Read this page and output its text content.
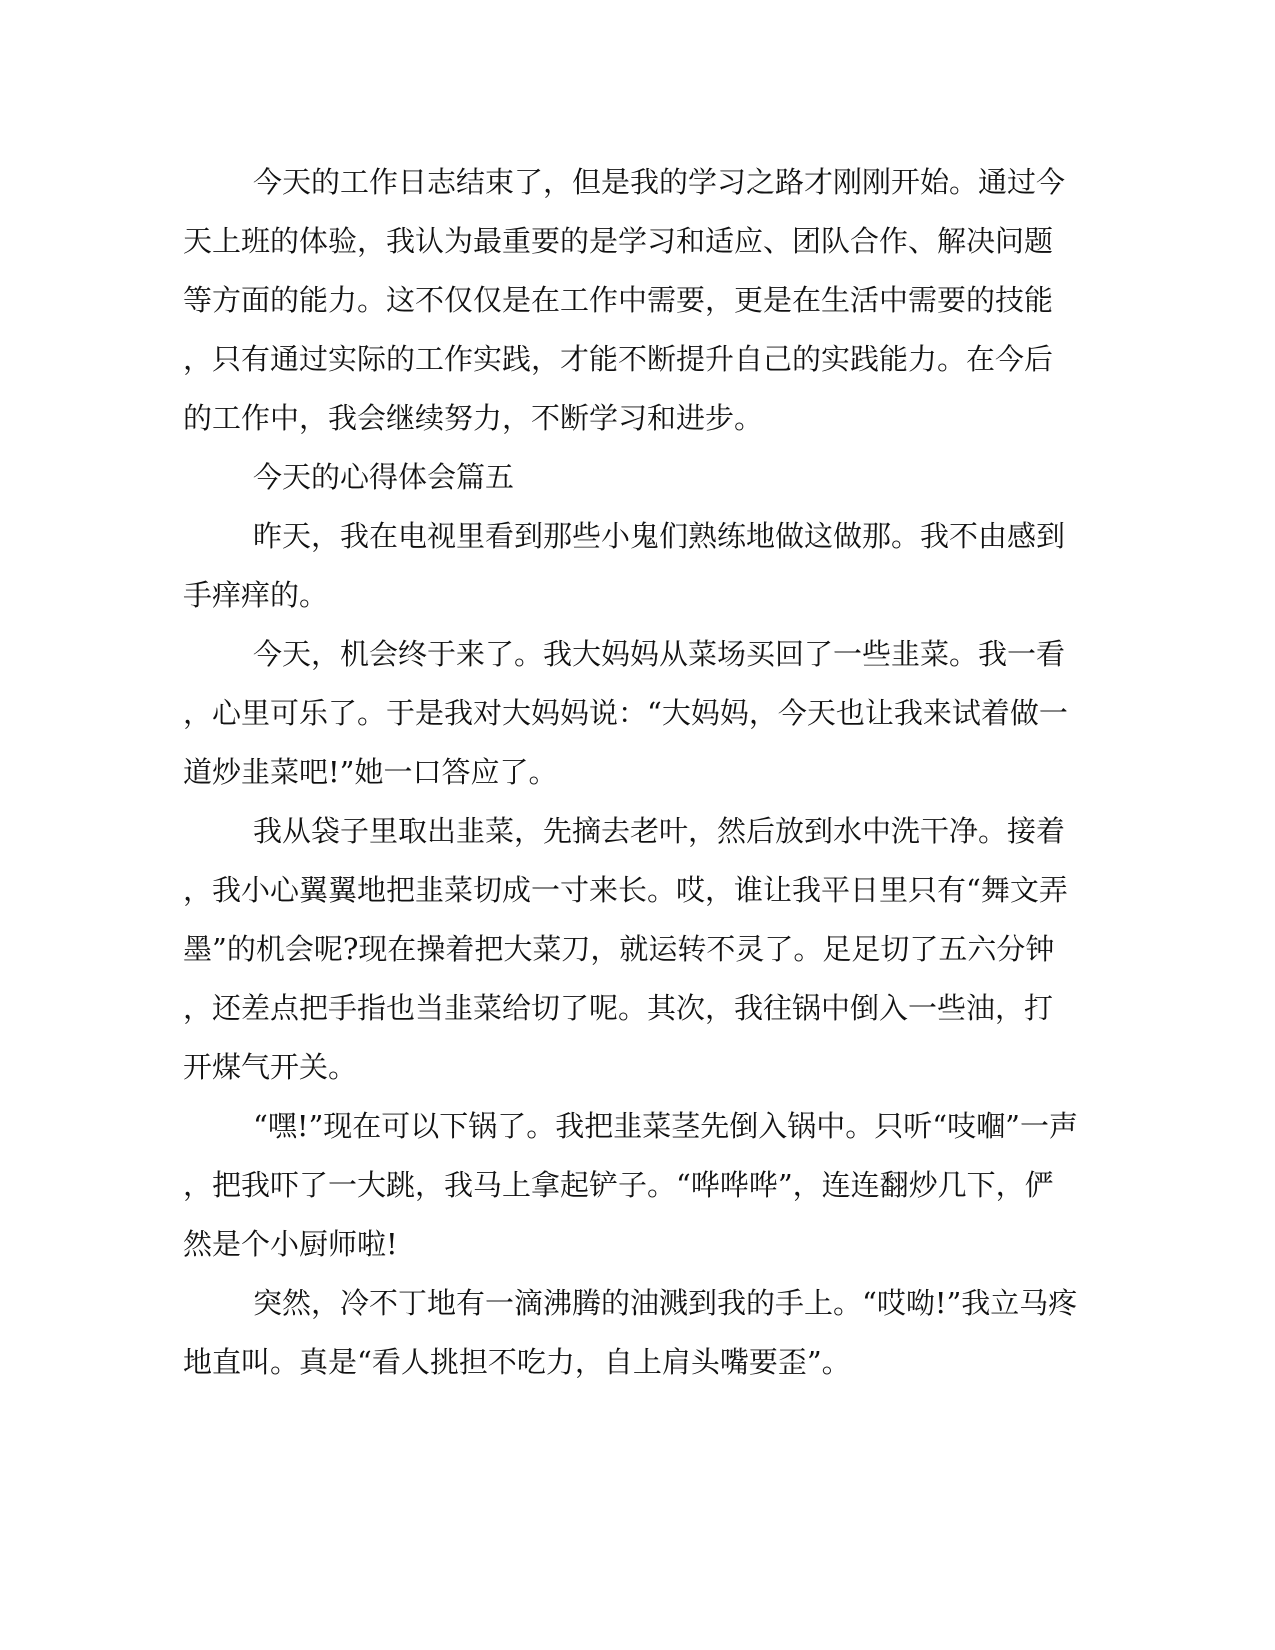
今天的工作日志结束了，但是我的学习之路才刚刚开始。通过今
天上班的体验，我认为最重要的是学习和适应、团队合作、解决问题
等方面的能力。这不仅仅是在工作中需要，更是在生活中需要的技能
，只有通过实际的工作实践，才能不断提升自己的实践能力。在今后
的工作中，我会继续努力，不断学习和进步。

今天的心得体会篇五

昨天，我在电视里看到那些小鬼们熟练地做这做那。我不由感到
手痒痒的。

今天，机会终于来了。我大妈妈从菜场买回了一些韭菜。我一看
，心里可乐了。于是我对大妈妈说：“大妈妈，今天也让我来试着做一
道炒韭菜吧!”她一口答应了。

我从袋子里取出韭菜，先摘去老叶，然后放到水中洗干净。接着
，我小心翼翼地把韭菜切成一寸来长。哎，谁让我平日里只有“舞文弄
墨”的机会呢?现在操着把大菜刀，就运转不灵了。足足切了五六分钟
，还差点把手指也当韭菜给切了呢。其次，我往锅中倒入一些油，打
开煤气开关。

“嘿!”现在可以下锅了。我把韭菜茎先倒入锅中。只听“吱嗰”一声
，把我吓了一大跳，我马上拿起铲子。“哗哗哗”，连连翻炒几下，俨
然是个小厨师啦!

突然，冷不丁地有一滴沸腾的油溅到我的手上。“哎呦!”我立马疼
地直叫。真是“看人挑担不吃力，自上肩头嘴要歪”。
